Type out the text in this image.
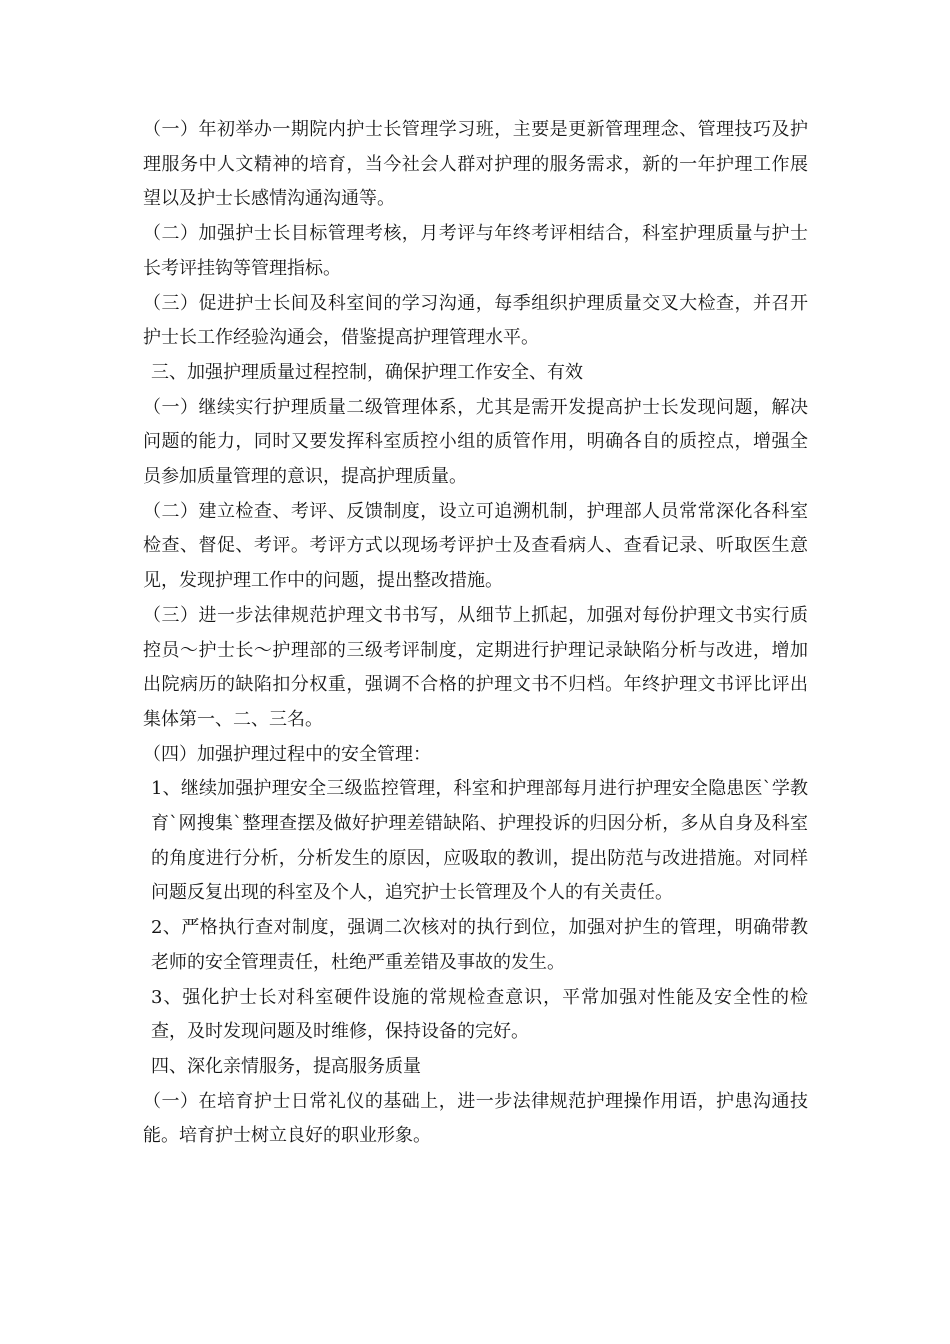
（一）年初举办一期院内护士长管理学习班，主要是更新管理理念、管理技巧及护理服务中人文精神的培育，当今社会人群对护理的服务需求，新的一年护理工作展望以及护士长感情沟通沟通等。

（二）加强护士长目标管理考核，月考评与年终考评相结合，科室护理质量与护士长考评挂钩等管理指标。

（三）促进护士长间及科室间的学习沟通，每季组织护理质量交叉大检查，并召开护士长工作经验沟通会，借鉴提高护理管理水平。

三、加强护理质量过程控制，确保护理工作安全、有效

（一）继续实行护理质量二级管理体系，尤其是需开发提高护士长发现问题，解决问题的能力，同时又要发挥科室质控小组的质管作用，明确各自的质控点，增强全员参加质量管理的意识，提高护理质量。

（二）建立检查、考评、反馈制度，设立可追溯机制，护理部人员常常深化各科室检查、督促、考评。考评方式以现场考评护士及查看病人、查看记录、听取医生意见，发现护理工作中的问题，提出整改措施。

（三）进一步法律规范护理文书书写，从细节上抓起，加强对每份护理文书实行质控员～护士长～护理部的三级考评制度，定期进行护理记录缺陷分析与改进，增加出院病历的缺陷扣分权重，强调不合格的护理文书不归档。年终护理文书评比评出集体第一、二、三名。

（四）加强护理过程中的安全管理：

1、继续加强护理安全三级监控管理，科室和护理部每月进行护理安全隐患医`学教育`网搜集`整理查摆及做好护理差错缺陷、护理投诉的归因分析，多从自身及科室的角度进行分析，分析发生的原因，应吸取的教训，提出防范与改进措施。对同样问题反复出现的科室及个人，追究护士长管理及个人的有关责任。

2、严格执行查对制度，强调二次核对的执行到位，加强对护生的管理，明确带教老师的安全管理责任，杜绝严重差错及事故的发生。

3、强化护士长对科室硬件设施的常规检查意识，平常加强对性能及安全性的检查，及时发现问题及时维修，保持设备的完好。

四、深化亲情服务，提高服务质量

（一）在培育护士日常礼仪的基础上，进一步法律规范护理操作用语，护患沟通技能。培育护士树立良好的职业形象。
